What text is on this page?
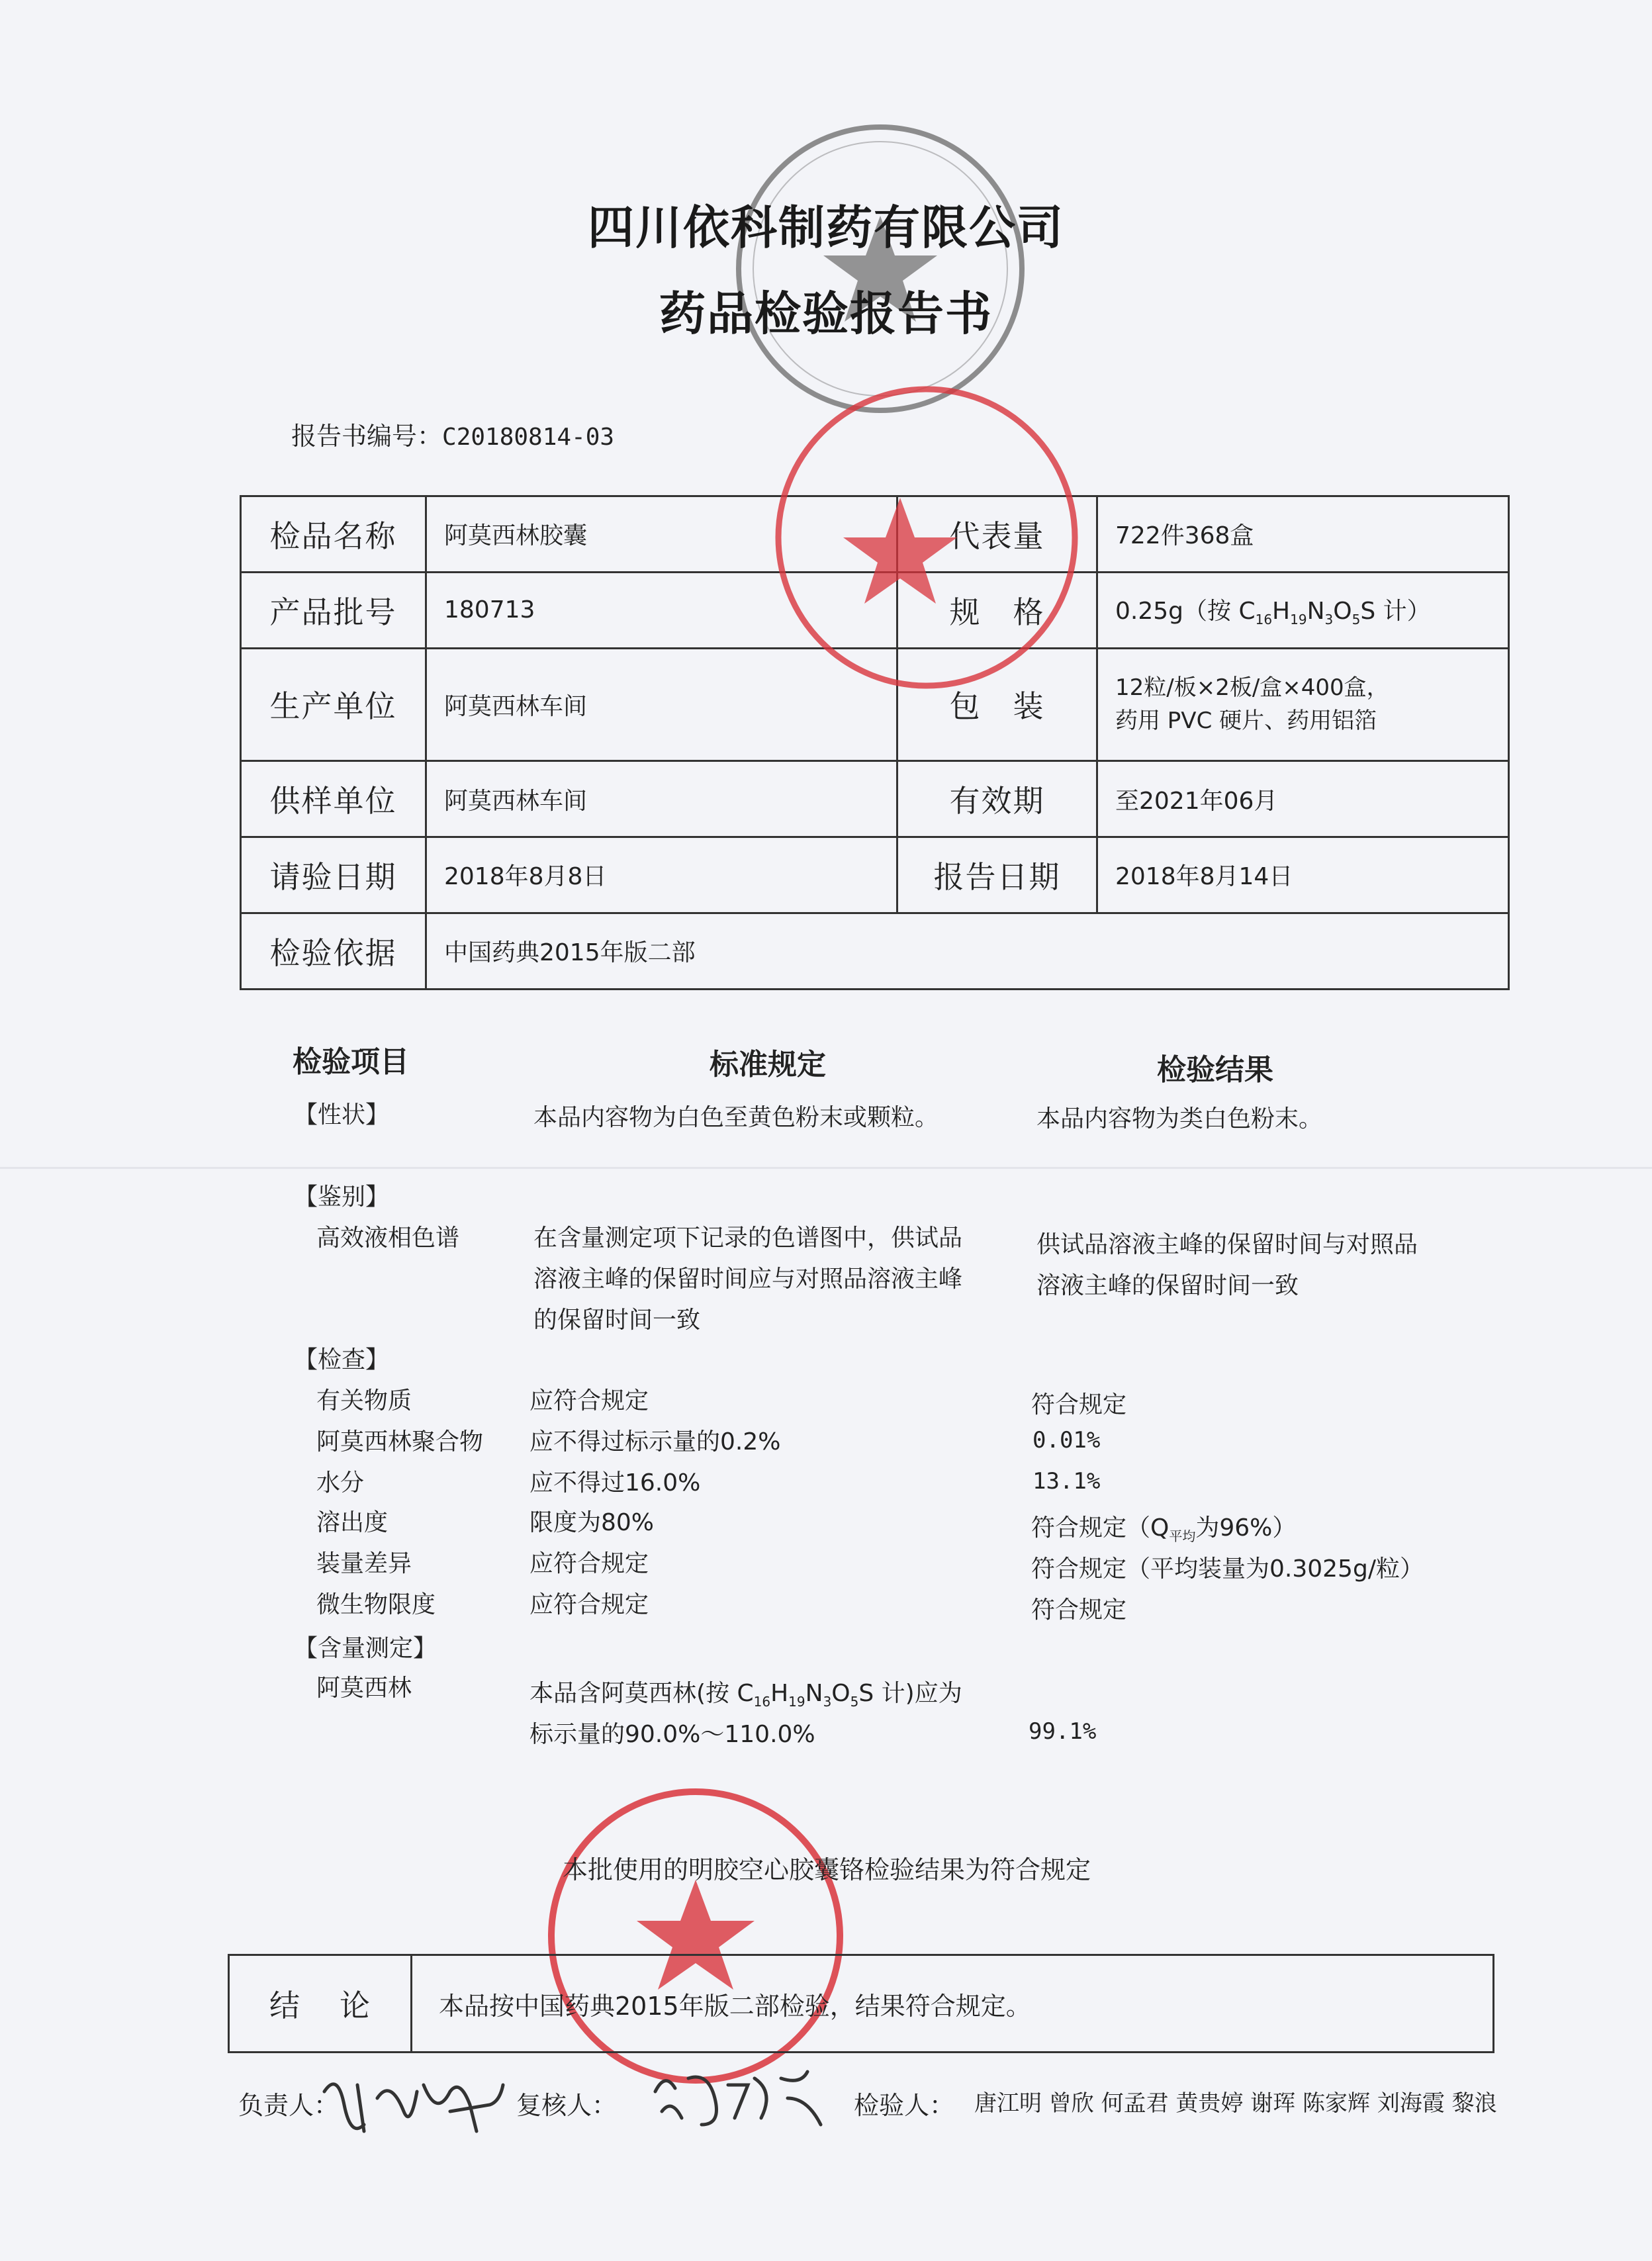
四川依科制药有限公司
药品检验报告书
报告书编号：C20180814-03
检品名称	阿莫西林胶囊	代表量	722件368盒
产品批号	180713	规　格	0.25g（按 $C_{16}H_{19}N_3O_5S$ 计）
生产单位	阿莫西林车间	包　装	12粒/板×2板/盒×400盒，
药用 PVC 硬片、药用铝箔

供样单位	阿莫西林车间	有效期	至2021年06月
请验日期	2018年8月8日	报告日期	2018年8月14日
检验依据	中国药典2015年版二部		
检验项目	标准规定	检验结果
【性状】	本品内容物为白色至黄色粉末或颗粒。	本品内容物为类白色粉末。
【鉴别】
高效液相色谱	在含量测定项下记录的色谱图中，供试品
溶液主峰的保留时间应与对照品溶液主峰
的保留时间一致
供试品溶液主峰的保留时间与对照品
溶液主峰的保留时间一致
【检查】
有关物质	应符合规定	符合规定
阿莫西林聚合物 应不得过标示量的0.2%	0.01%
水分	应不得过16.0%	13.1%
溶出度	限度为80%	符合规定（$Q_{平均}$为96%）
装量差异	应符合规定	符合规定（平均装量为0.3025g/粒）
微生物限度	应符合规定	符合规定
【含量测定】
阿莫西林	本品含阿莫西林(按 $C_{16}H_{19}N_3O_5S$ 计)应为
标示量的90.0%～110.0%	99.1%
本批使用的明胶空心胶囊铬检验结果为符合规定
结论	本品按中国药典2015年版二部检验，结果符合规定。
负责人：	复核人：	检验人： 唐江明 曾欣 何孟君 黄贵婷 谢珲 陈家辉 刘海霞 黎浪
